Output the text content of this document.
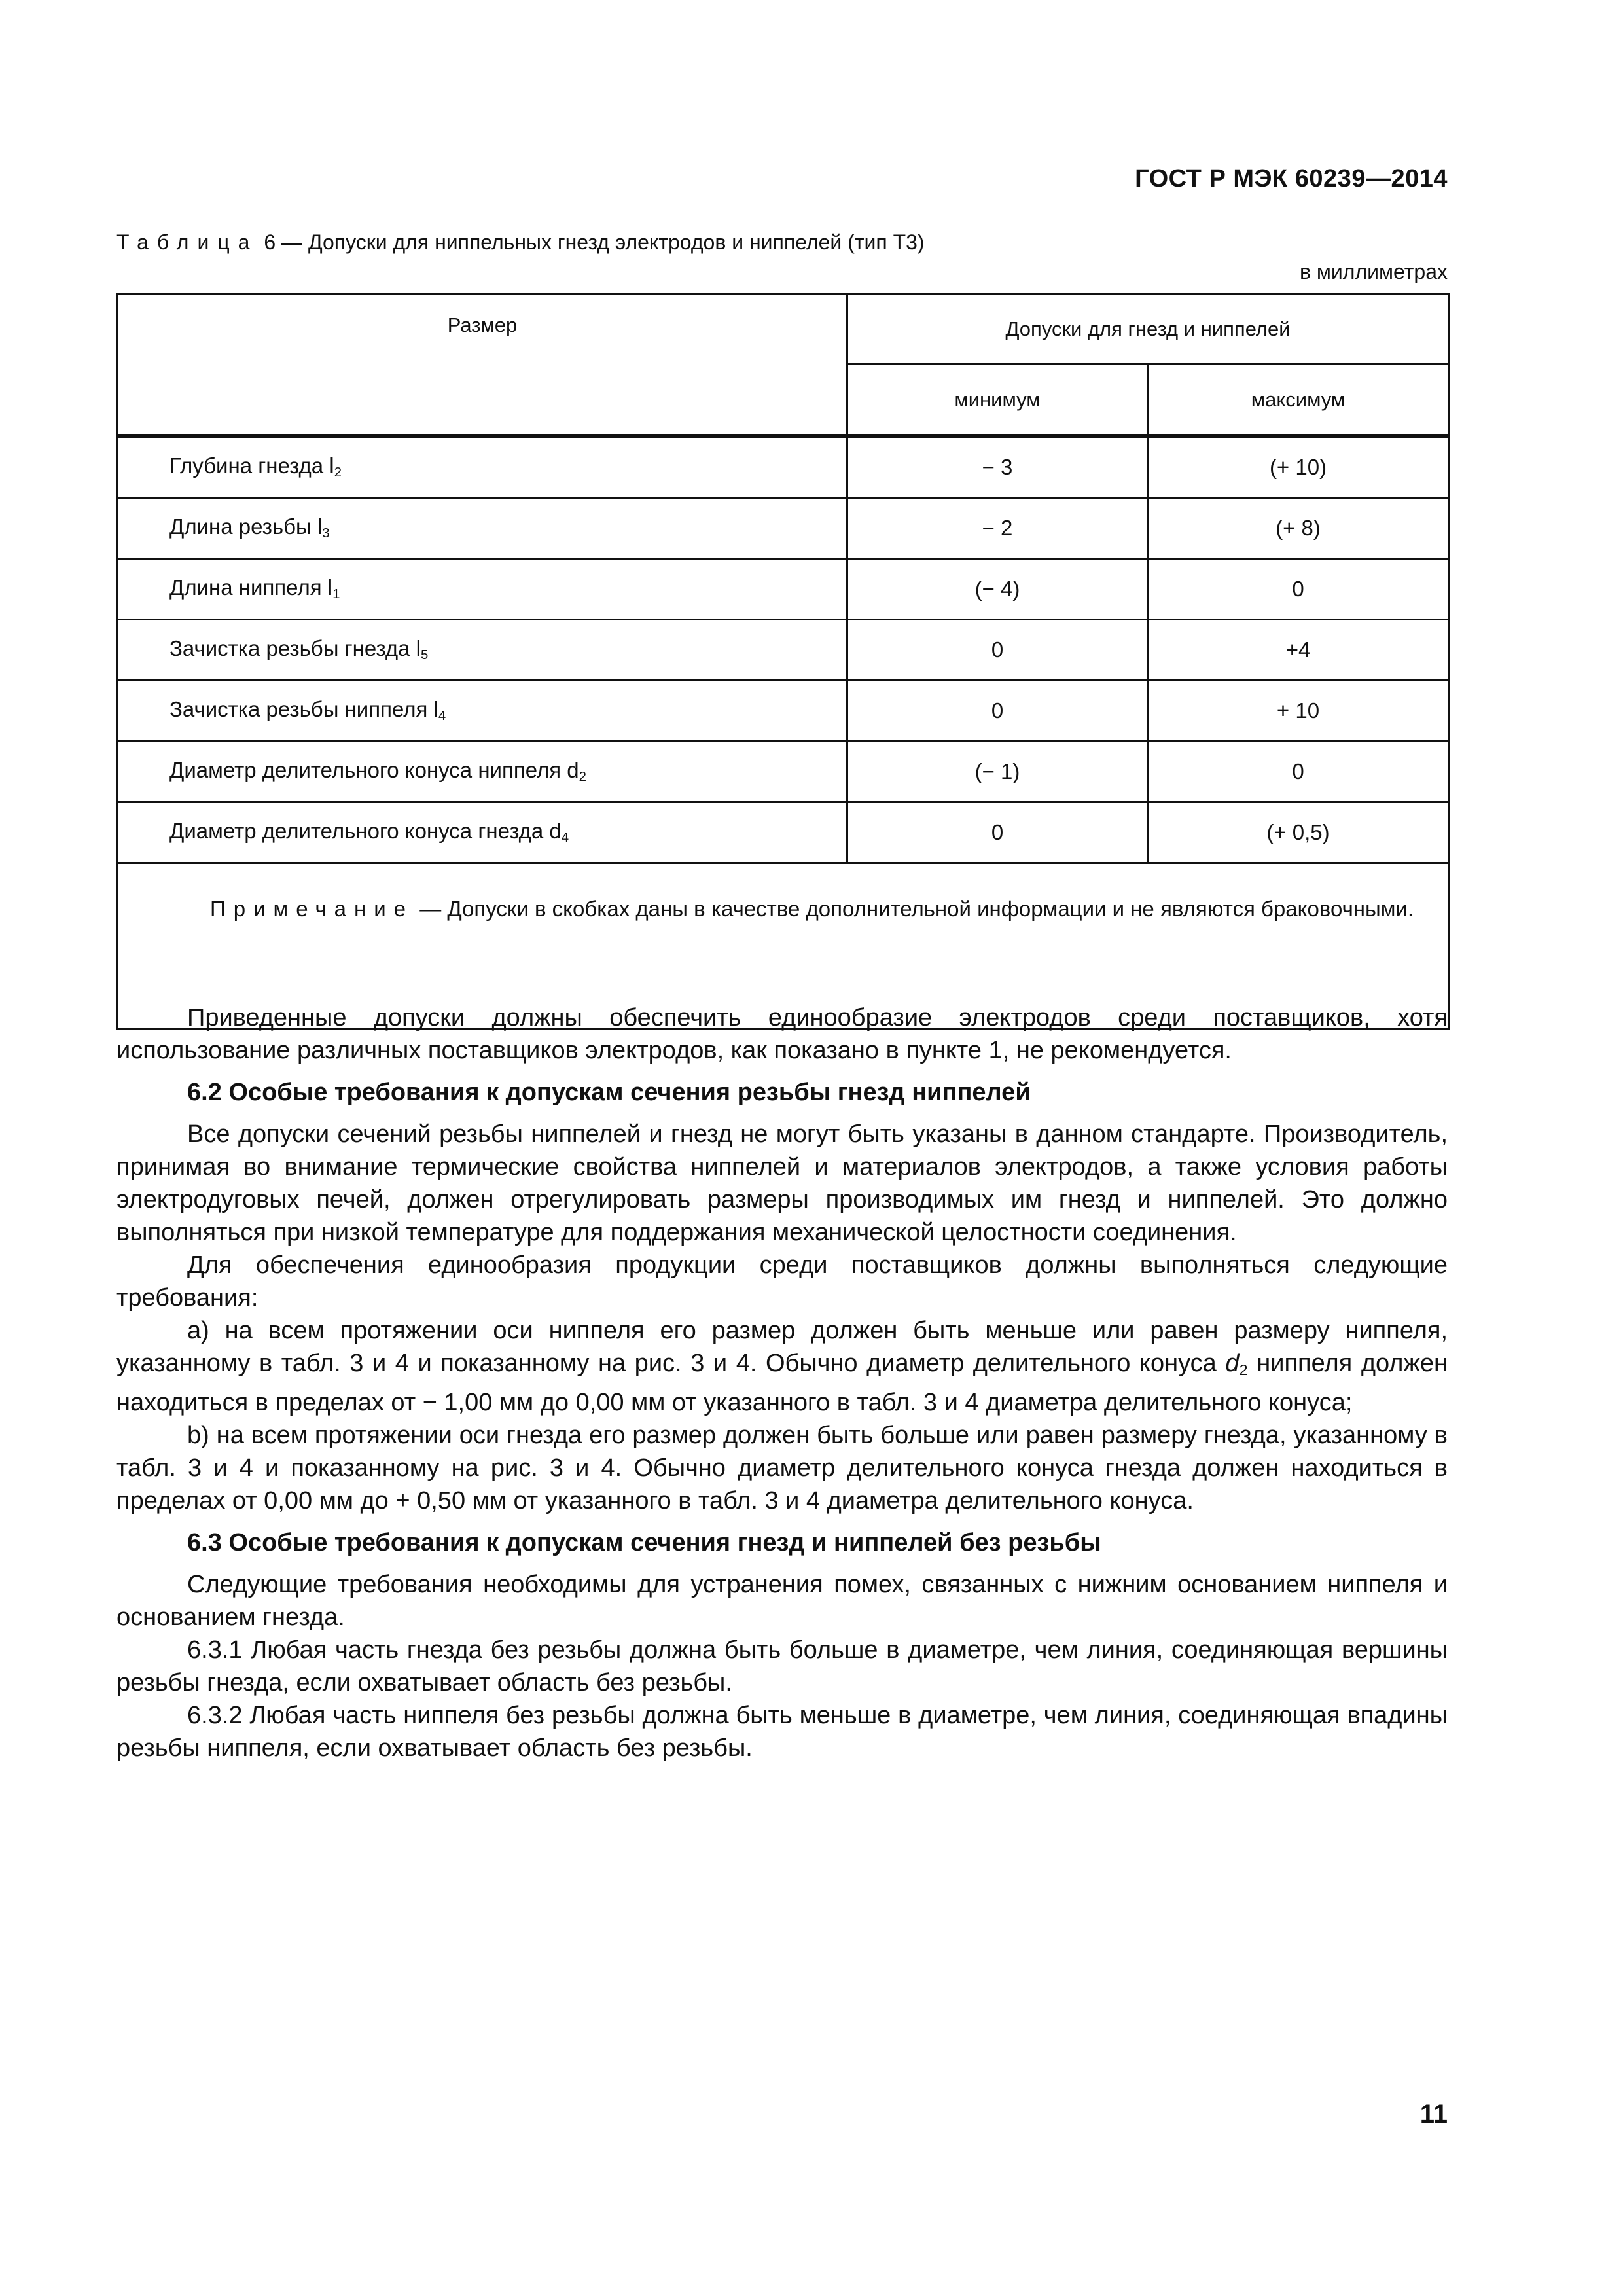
ГОСТ Р МЭК 60239—2014
Таблица 6 — Допуски для ниппельных гнезд электродов и ниппелей (тип Т3)
в миллиметрах
Размер	Допуски для гнезд и ниппелей	
	минимум	максимум
Глубина гнезда $l_2$	− 3	(+ 10)
Длина резьбы $l_3$	− 2	(+ 8)
Длина ниппеля $l_1$	(− 4)	0
Зачистка резьбы гнезда $l_5$	0	+4
Зачистка резьбы ниппеля $l_4$	0	+ 10
Диаметр делительного конуса ниппеля $d_2$	(− 1)	0
Диаметр делительного конуса гнезда $d_4$	0	(+ 0,5)
Примечание — Допуски в скобках даны в качестве дополнительной информации и не являются браковочными.		

Приведенные допуски должны обеспечить единообразие электродов среди поставщиков, хотя использование различных поставщиков электродов, как показано в пункте 1, не рекомендуется.

6.2 Особые требования к допускам сечения резьбы гнезд ниппелей

Все допуски сечений резьбы ниппелей и гнезд не могут быть указаны в данном стандарте. Производитель, принимая во внимание термические свойства ниппелей и материалов электродов, а также условия работы электродуговых печей, должен отрегулировать размеры производимых им гнезд и ниппелей. Это должно выполняться при низкой температуре для поддержания механической целостности соединения.

Для обеспечения единообразия продукции среди поставщиков должны выполняться следующие требования:

а) на всем протяжении оси ниппеля его размер должен быть меньше или равен размеру ниппеля, указанному в табл. 3 и 4 и показанному на рис. 3 и 4. Обычно диаметр делительного конуса $d_2$ ниппеля должен находиться в пределах от − 1,00 мм до 0,00 мм от указанного в табл. 3 и 4 диаметра делительного конуса;

b) на всем протяжении оси гнезда его размер должен быть больше или равен размеру гнезда, указанному в табл. 3 и 4 и показанному на рис. 3 и 4. Обычно диаметр делительного конуса гнезда должен находиться в пределах от 0,00 мм до + 0,50 мм от указанного в табл. 3 и 4 диаметра делительного конуса.

6.3 Особые требования к допускам сечения гнезд и ниппелей без резьбы

Следующие требования необходимы для устранения помех, связанных с нижним основанием ниппеля и основанием гнезда.

6.3.1 Любая часть гнезда без резьбы должна быть больше в диаметре, чем линия, соединяющая вершины резьбы гнезда, если охватывает область без резьбы.

6.3.2 Любая часть ниппеля без резьбы должна быть меньше в диаметре, чем линия, соединяющая впадины резьбы ниппеля, если охватывает область без резьбы.

11
